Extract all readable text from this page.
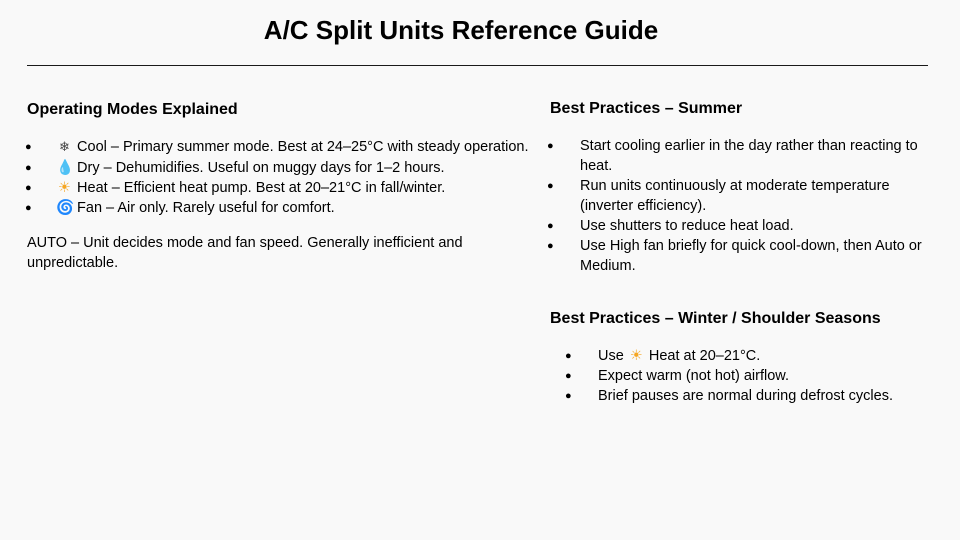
A/C Split Units Reference Guide
Operating Modes Explained
● ❄ Cool – Primary summer mode. Best at 24–25°C with steady operation.
● 💧 Dry – Dehumidifies. Useful on muggy days for 1–2 hours.
● ☀ Heat – Efficient heat pump. Best at 20–21°C in fall/winter.
● 🌀 Fan – Air only. Rarely useful for comfort.

AUTO – Unit decides mode and fan speed. Generally inefficient and unpredictable.

Best Practices – Summer
● Start cooling earlier in the day rather than reacting to heat.
● Run units continuously at moderate temperature (inverter efficiency).
● Use shutters to reduce heat load.
● Use High fan briefly for quick cool-down, then Auto or Medium.
Best Practices – Winter / Shoulder Seasons
● Use ☀ Heat at 20–21°C.
● Expect warm (not hot) airflow.
● Brief pauses are normal during defrost cycles.
